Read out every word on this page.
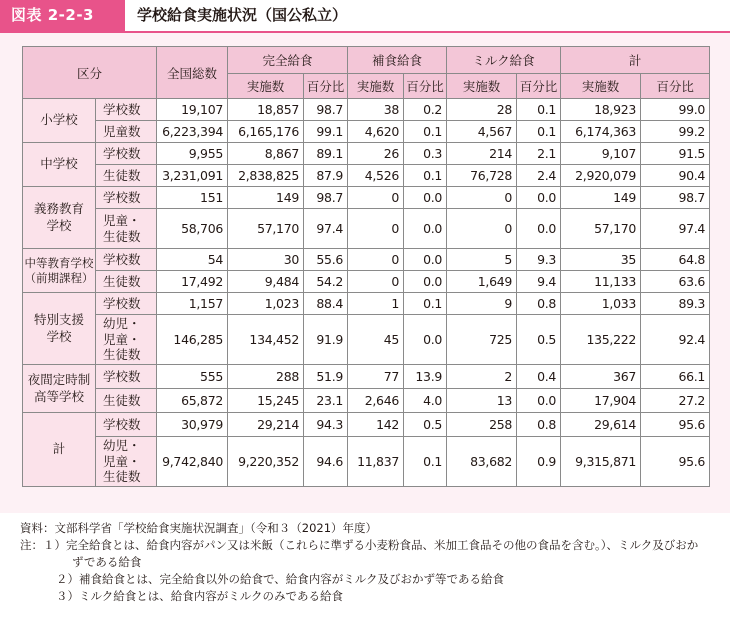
図表 2-2-3	学校給食実施状況（国公私立）
区分		全国総数	完全給食		補食給食		ミルク給食		計	
			実施数	百分比	実施数	百分比	実施数	百分比	実施数	百分比
小学校	学校数	19,107	18,857	98.7	38	0.2	28	0.1	18,923	99.0
	児童数	6,223,394	6,165,176	99.1	4,620	0.1	4,567	0.1	6,174,363	99.2
中学校	学校数	9,955	8,867	89.1	26	0.3	214	2.1	9,107	91.5
	生徒数	3,231,091	2,838,825	87.9	4,526	0.1	76,728	2.4	2,920,079	90.4
義務教育
学校	学校数	151	149	98.7	0	0.0	0	0.0	149	98.7
	児童・
生徒数	58,706	57,170	97.4	0	0.0	0	0.0	57,170	97.4
中等教育学校
（前期課程）	学校数	54	30	55.6	0	0.0	5	9.3	35	64.8
	生徒数	17,492	9,484	54.2	0	0.0	1,649	9.4	11,133	63.6
特別支援
学校	学校数	1,157	1,023	88.4	1	0.1	9	0.8	1,033	89.3
	幼児・
児童・
生徒数	146,285	134,452	91.9	45	0.0	725	0.5	135,222	92.4
夜間定時制
高等学校	学校数	555	288	51.9	77	13.9	2	0.4	367	66.1
	生徒数	65,872	15,245	23.1	2,646	4.0	13	0.0	17,904	27.2
計	学校数	30,979	29,214	94.3	142	0.5	258	0.8	29,614	95.6
	幼児・
児童・
生徒数	9,742,840	9,220,352	94.6	11,837	0.1	83,682	0.9	9,315,871	95.6
資料：文部科学省「学校給食実施状況調査」（令和３（2021）年度）
注：１）完全給食とは、給食内容がパン又は米飯（これらに準ずる小麦粉食品、米加工食品その他の食品を含む。）、ミルク及びおか
ずである給食
２）補食給食とは、完全給食以外の給食で、給食内容がミルク及びおかず等である給食
３）ミルク給食とは、給食内容がミルクのみである給食
